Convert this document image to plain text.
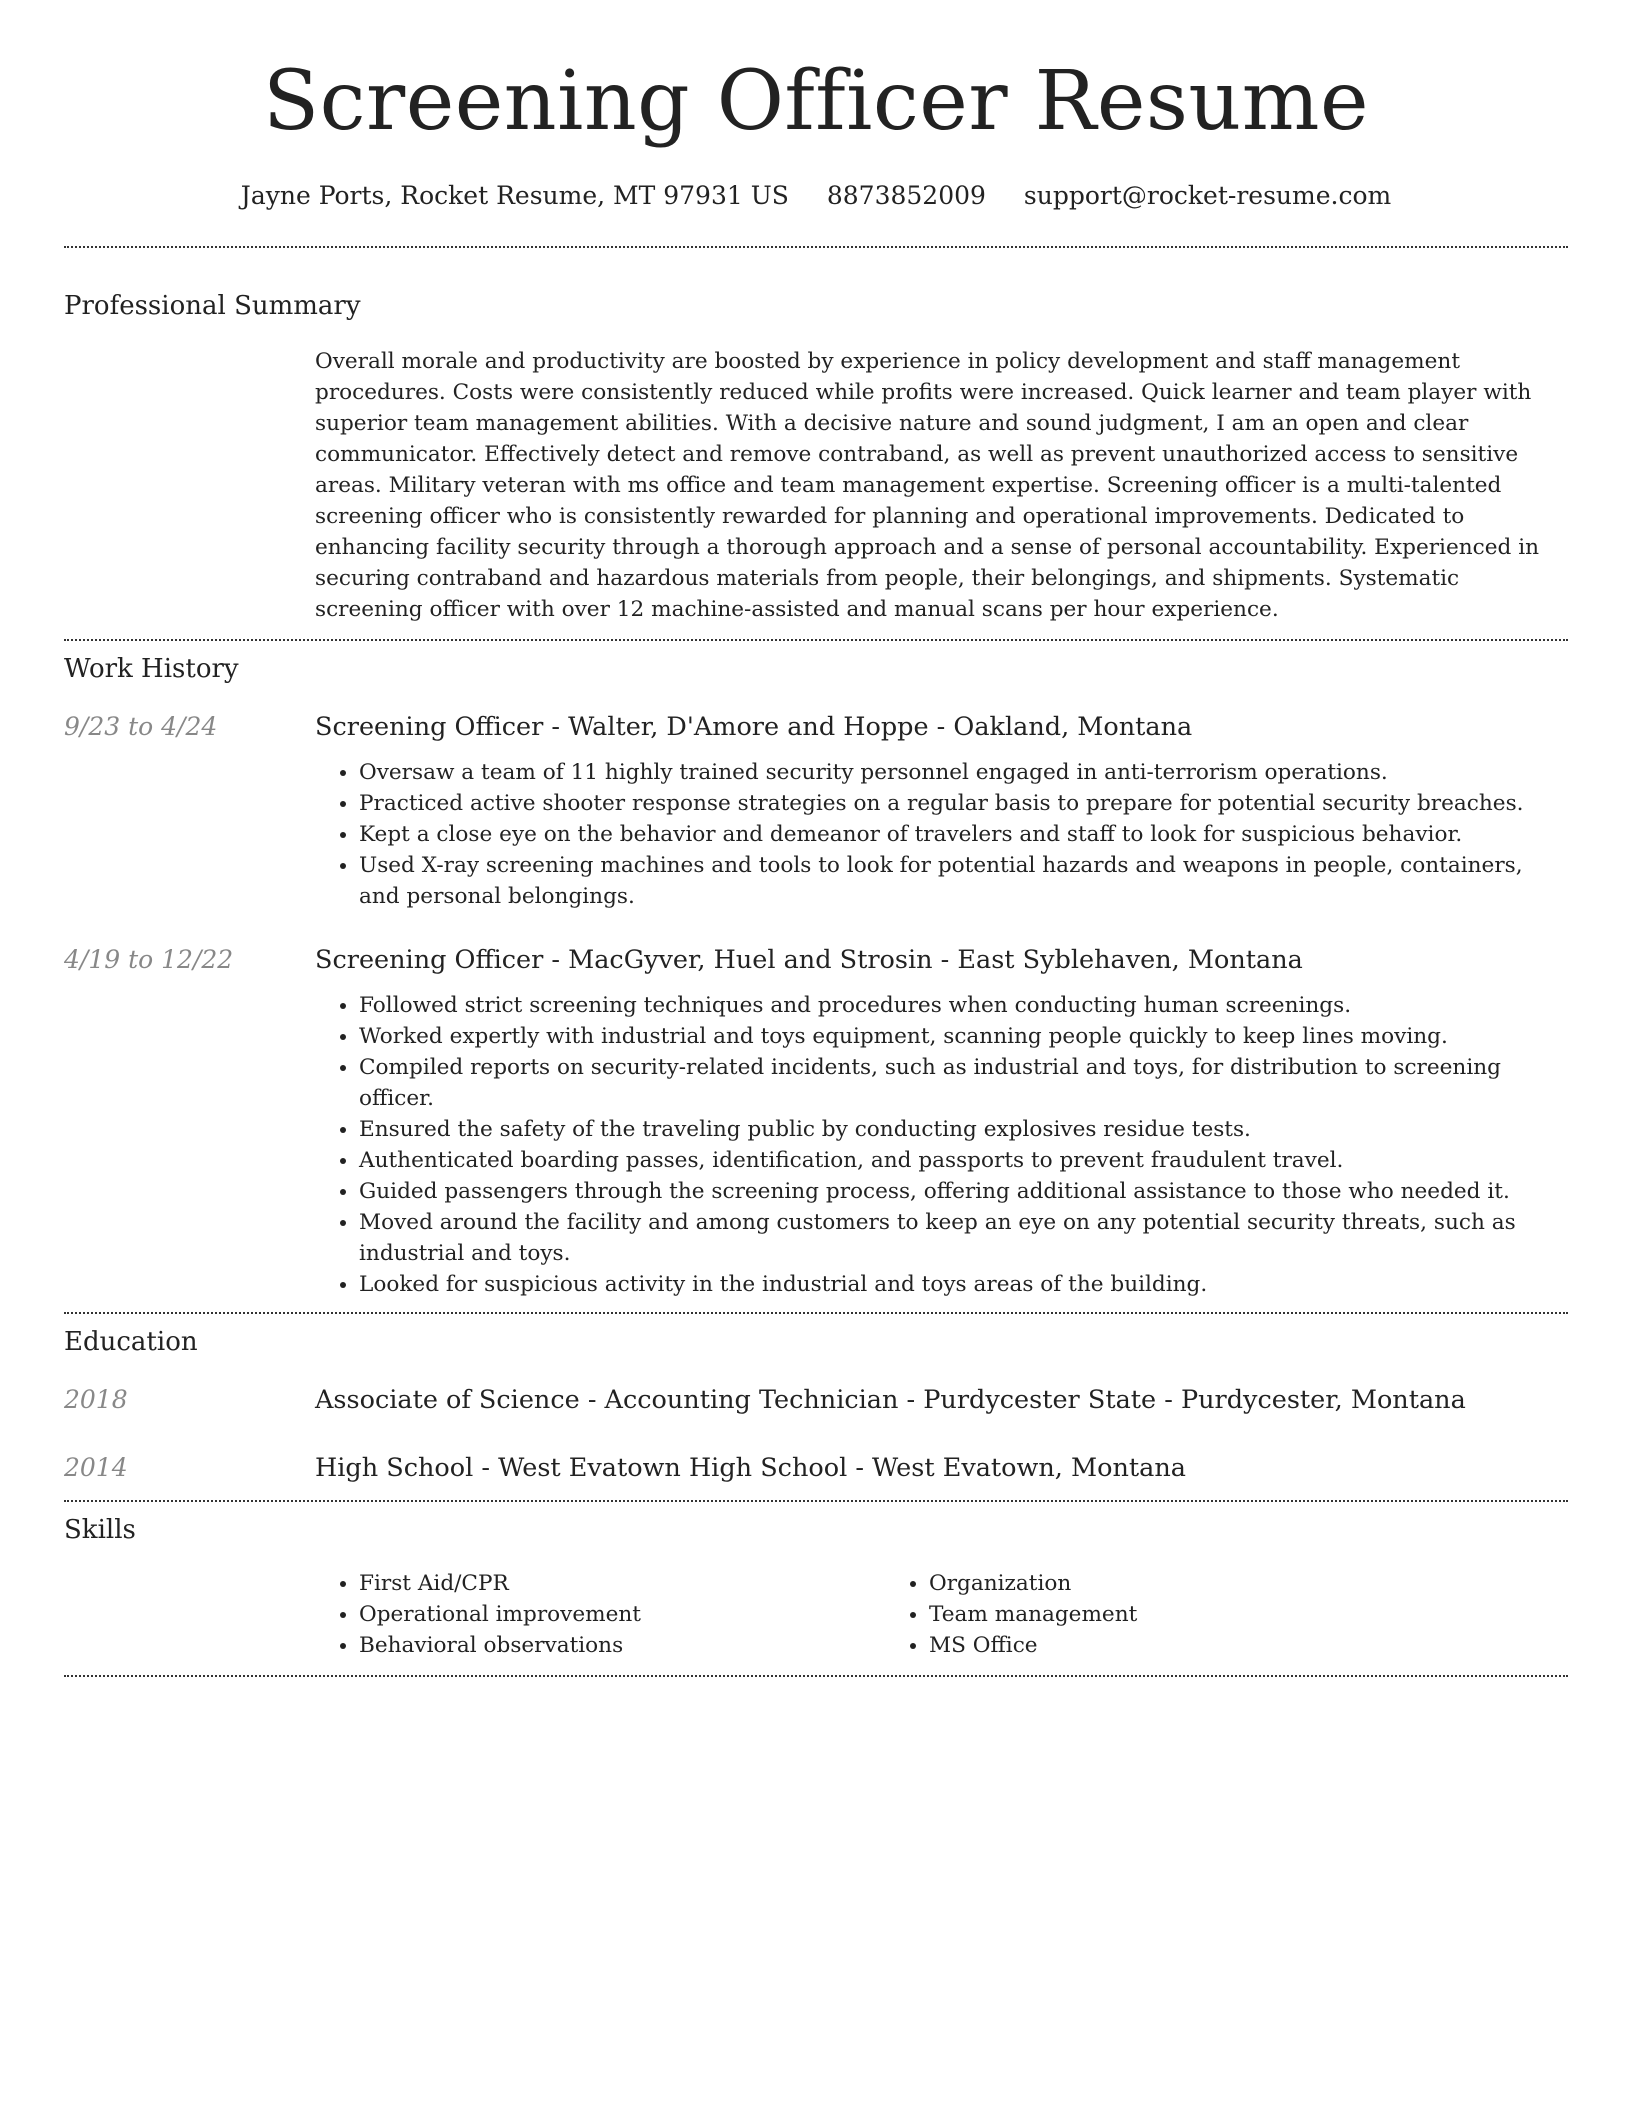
Screening Officer Resume
Jayne Ports, Rocket Resume, MT 97931 US 8873852009 support@rocket-resume.com
Professional Summary

Overall morale and productivity are boosted by experience in policy development and staff management procedures. Costs were consistently reduced while profits were increased. Quick learner and team player with superior team management abilities. With a decisive nature and sound judgment, I am an open and clear communicator. Effectively detect and remove contraband, as well as prevent unauthorized access to sensitive areas. Military veteran with ms office and team management expertise. Screening officer is a multi-talented screening officer who is consistently rewarded for planning and operational improvements. Dedicated to enhancing facility security through a thorough approach and a sense of personal accountability. Experienced in securing contraband and hazardous materials from people, their belongings, and shipments. Systematic screening officer with over 12 machine-assisted and manual scans per hour experience.

Work History
9/23 to 4/24	Screening Officer - Walter, D'Amore and Hoppe - Oakland, Montana
• Oversaw a team of 11 highly trained security personnel engaged in anti-terrorism operations.
• Practiced active shooter response strategies on a regular basis to prepare for potential security breaches.
• Kept a close eye on the behavior and demeanor of travelers and staff to look for suspicious behavior.
• Used X-ray screening machines and tools to look for potential hazards and weapons in people, containers, and personal belongings.
4/19 to 12/22	Screening Officer - MacGyver, Huel and Strosin - East Syblehaven, Montana
• Followed strict screening techniques and procedures when conducting human screenings.
• Worked expertly with industrial and toys equipment, scanning people quickly to keep lines moving.
• Compiled reports on security-related incidents, such as industrial and toys, for distribution to screening officer.
• Ensured the safety of the traveling public by conducting explosives residue tests.
• Authenticated boarding passes, identification, and passports to prevent fraudulent travel.
• Guided passengers through the screening process, offering additional assistance to those who needed it.
• Moved around the facility and among customers to keep an eye on any potential security threats, such as industrial and toys.
• Looked for suspicious activity in the industrial and toys areas of the building.
Education
2018	Associate of Science - Accounting Technician - Purdycester State - Purdycester, Montana
2014	High School - West Evatown High School - West Evatown, Montana
Skills
• First Aid/CPR
• Operational improvement
• Behavioral observations
• Organization
• Team management
• MS Office
